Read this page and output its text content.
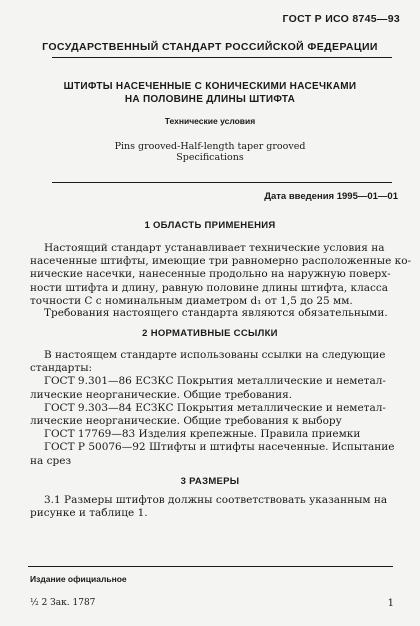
ГОСТ Р ИСО 8745—93
ГОСУДАРСТВЕННЫЙ СТАНДАРТ РОССИЙСКОЙ ФЕДЕРАЦИИ
ШТИФТЫ НАСЕЧЕННЫЕ С КОНИЧЕСКИМИ НАСЕЧКАМИ
НА ПОЛОВИНЕ ДЛИНЫ ШТИФТА
Технические условия
Pins grooved-Half-length taper grooved
Specifications
Дата введения 1995—01—01
1 ОБЛАСТЬ ПРИМЕНЕНИЯ
Настоящий стандарт устанавливает технические условия на
насеченные штифты, имеющие три равномерно расположенные ко-
нические насечки, нанесенные продольно на наружную поверх-
ности штифта и длину, равную половине длины штифта, класса
точности С с номинальным диаметром d₁ от 1,5 до 25 мм.
Требования настоящего стандарта являются обязательными.
2 НОРМАТИВНЫЕ ССЫЛКИ
В настоящем стандарте использованы ссылки на следующие
стандарты:
ГОСТ 9.301—86 ЕСЗКС Покрытия металлические и неметал-
лические неорганические. Общие требования.
ГОСТ 9.303—84 ЕСЗКС Покрытия металлические и неметал-
лические неорганические. Общие требования к выбору
ГОСТ 17769—83 Изделия крепежные. Правила приемки
ГОСТ Р 50076—92 Штифты и штифты насеченные. Испытание
на срез
3 РАЗМЕРЫ
3.1 Размеры штифтов должны соответствовать указанным на
рисунке и таблице 1.
Издание официальное
½ 2 Зак. 1787	1
